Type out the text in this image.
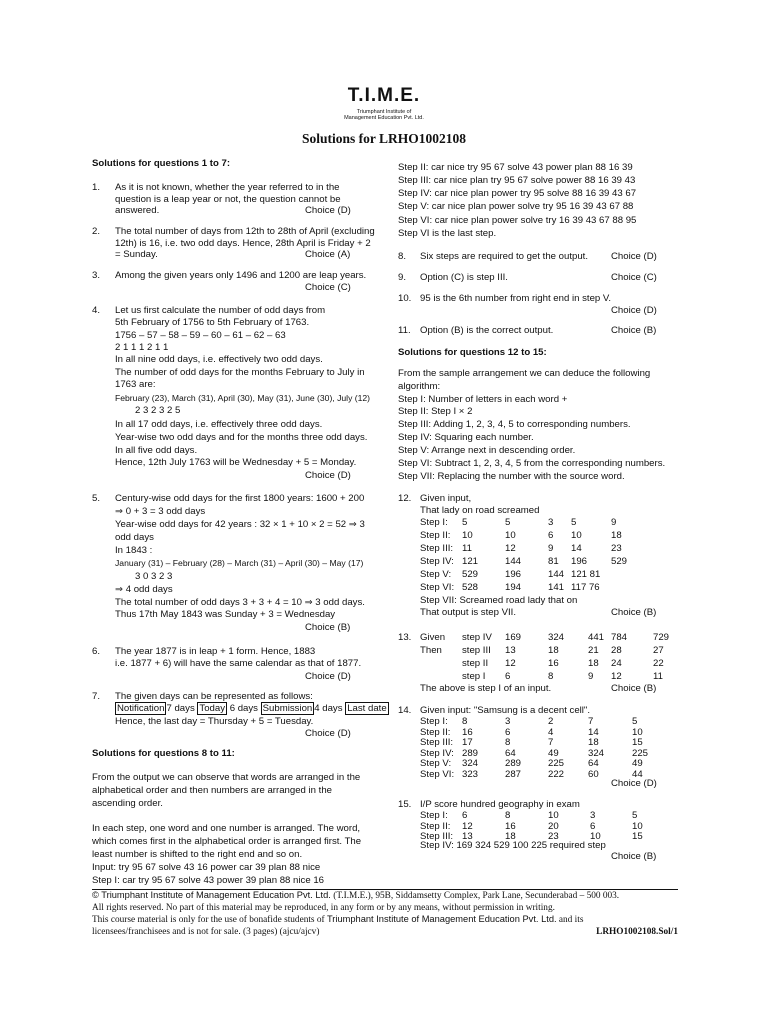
T.I.M.E.
Triumphant Institute of
Management Education Pvt. Ltd.
Solutions for LRHO1002108
Solutions for questions 1 to 7:
1. As it is not known, whether the year referred to in the
question is a leap year or not, the question cannot be
answered.	Choice (D)
2. The total number of days from 12th to 28th of April (excluding
12th) is 16, i.e. two odd days. Hence, 28th April is Friday + 2
= Sunday.	Choice (A)
3. Among the given years only 1496 and 1200 are leap years.
Choice (C)
4. Let us first calculate the number of odd days from
5th February of 1756 to 5th February of 1763.
1756 – 57 – 58 – 59 – 60 – 61 – 62 – 63
2 1 1 1 2 1 1
In all nine odd days, i.e. effectively two odd days.
The number of odd days for the months February to July in
1763 are:
February (23), March (31), April (30), May (31), June (30), July (12)
2 3 2 3 2 5
In all 17 odd days, i.e. effectively three odd days.
Year-wise two odd days and for the months three odd days.
In all five odd days.
Hence, 12th July 1763 will be Wednesday + 5 = Monday.
Choice (D)
5. Century-wise odd days for the first 1800 years: 1600 + 200
⇒ 0 + 3 = 3 odd days
Year-wise odd days for 42 years : 32 × 1 + 10 × 2 = 52 ⇒ 3
odd days
In 1843 :
January (31) – February (28) – March (31) – April (30) – May (17)
3 0 3 2 3
⇒ 4 odd days
The total number of odd days 3 + 3 + 4 = 10 ⇒ 3 odd days.
Thus 17th May 1843 was Sunday + 3 = Wednesday
Choice (B)
6. The year 1877 is in leap + 1 form. Hence, 1883
i.e. 1877 + 6) will have the same calendar as that of 1877.
Choice (D)
7. The given days can be represented as follows:
Notification 7 days Today 6 days Submission 4 days Last date
Hence, the last day = Thursday + 5 = Tuesday.
Choice (D)
Solutions for questions 8 to 11:
From the output we can observe that words are arranged in the
alphabetical order and then numbers are arranged in the
ascending order.
In each step, one word and one number is arranged. The word,
which comes first in the alphabetical order is arranged first. The
least number is shifted to the right end and so on.
Input: try 95 67 solve 43 16 power car 39 plan 88 nice
Step I: car try 95 67 solve 43 power 39 plan 88 nice 16
Step II: car nice try 95 67 solve 43 power plan 88 16 39
Step III: car nice plan try 95 67 solve power 88 16 39 43
Step IV: car nice plan power try 95 solve 88 16 39 43 67
Step V: car nice plan power solve try 95 16 39 43 67 88
Step VI: car nice plan power solve try 16 39 43 67 88 95
Step VI is the last step.
8. Six steps are required to get the output. Choice (D)
9. Option (C) is step III.	Choice (C)
10. 95 is the 6th number from right end in step V.
Choice (D)
11. Option (B) is the correct output.	Choice (B)
Solutions for questions 12 to 15:
From the sample arrangement we can deduce the following
algorithm:
Step I: Number of letters in each word +
Step II: Step I × 2
Step III: Adding 1, 2, 3, 4, 5 to corresponding numbers.
Step IV: Squaring each number.
Step V: Arrange next in descending order.
Step VI: Subtract 1, 2, 3, 4, 5 from the corresponding numbers.
Step VII: Replacing the number with the source word.
12. Given input,
That lady on road screamed
Step I: 5	5	3 5	9
Step II: 10	10	6 10	18
Step III: 11	12	9 14	23
Step IV: 121	144	81 196 529
Step V: 529	196	144 121 81
Step VI: 528	194	141 117 76
Step VII: Screamed road lady that on
That output is step VII.	Choice (B)
13. Given step IV 169	324 441 784	729
Then step III 13	18	21 28	27
step II 12	16	18 24	22
step I 6	8	9 12	11
The above is step I of an input.	Choice (B)
14. Given input: "Samsung is a decent cell".
Step I: 8	3	2	7	5
Step II: 16	6	4	14	10
Step III: 17	8	7	18	15
Step IV: 289	64	49	324	225
Step V: 324	289	225 64	49
Step VI: 323	287	222 60	44
Choice (D)
15. I/P score hundred geography in exam
Step I: 6	8	10	3	5
Step II: 12	16	20	6	10
Step III: 13	18	23	10	15
Step IV: 169 324 529 100 225 required step
Choice (B)
© Triumphant Institute of Management Education Pvt. Ltd. (T.I.M.E.), 95B, Siddamsetty Complex, Park Lane, Secunderabad – 500 003.
All rights reserved. No part of this material may be reproduced, in any form or by any means, without permission in writing.
This course material is only for the use of bonafide students of Triumphant Institute of Management Education Pvt. Ltd. and its
licensees/franchisees and is not for sale. (3 pages) (ajcu/ajcv)	LRHO1002108.Sol/1
